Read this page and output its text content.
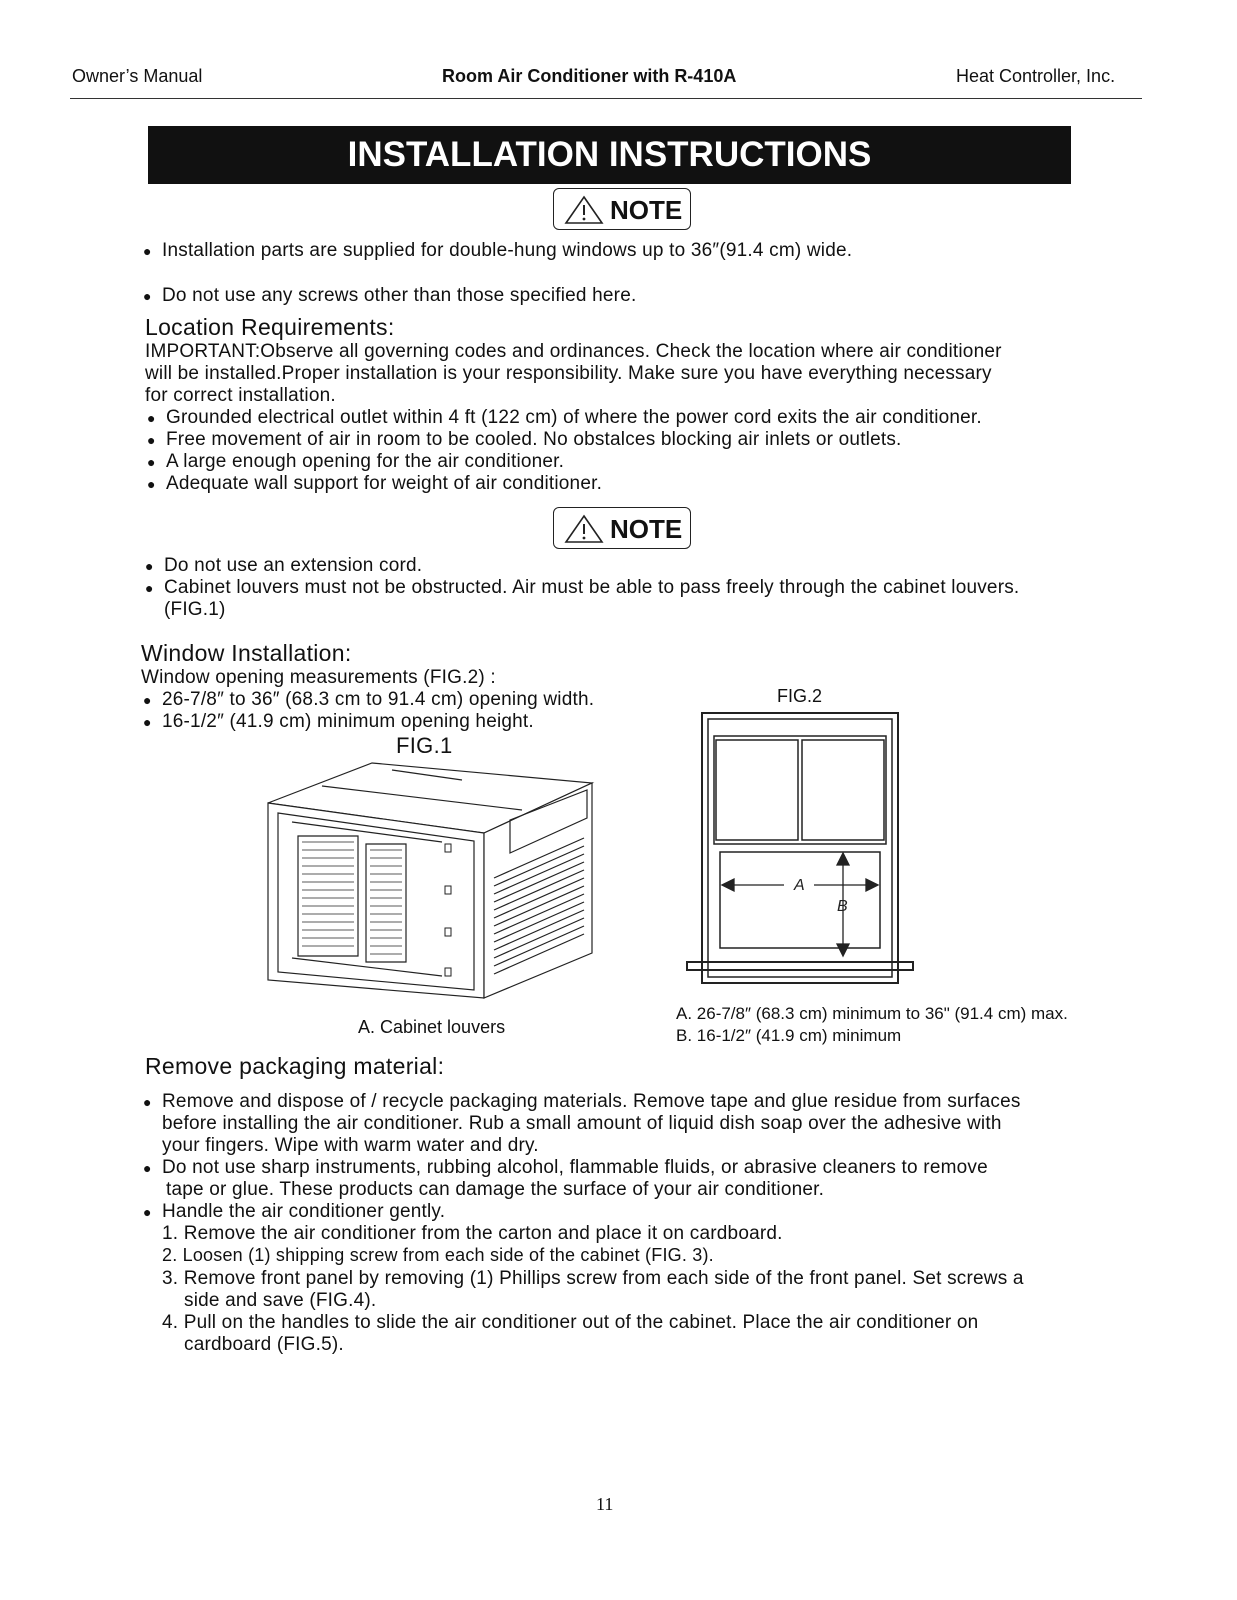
Owner’s Manual	Room Air Conditioner with R-410A	Heat Controller, Inc.
INSTALLATION INSTRUCTIONS
NOTE
● Installation parts are supplied for double-hung windows up to 36″(91.4 cm) wide.
● Do not use any screws other than those specified here.
Location Requirements:
IMPORTANT:Observe all governing codes and ordinances. Check the location where air conditioner
will be installed.Proper installation is your responsibility. Make sure you have everything necessary
for correct installation.
● Grounded electrical outlet within 4 ft (122 cm) of where the power cord exits the air conditioner.
● Free movement of air in room to be cooled. No obstalces blocking air inlets or outlets.
● A large enough opening for the air conditioner.
● Adequate wall support for weight of air conditioner.
NOTE
● Do not use an extension cord.
● Cabinet louvers must not be obstructed. Air must be able to pass freely through the cabinet louvers.
(FIG.1)
Window Installation:
Window opening measurements (FIG.2) :
● 26-7/8″ to 36″ (68.3 cm to 91.4 cm) opening width.
● 16-1/2″ (41.9 cm) minimum opening height.
FIG.1
A. Cabinet louvers
FIG.2
A
B
A. 26-7/8″ (68.3 cm) minimum to 36" (91.4 cm) max.
B. 16-1/2″ (41.9 cm) minimum
Remove packaging material:
● Remove and dispose of / recycle packaging materials. Remove tape and glue residue from surfaces
before installing the air conditioner. Rub a small amount of liquid dish soap over the adhesive with
your fingers. Wipe with warm water and dry.
● Do not use sharp instruments, rubbing alcohol, flammable fluids, or abrasive cleaners to remove
tape or glue. These products can damage the surface of your air conditioner.
● Handle the air conditioner gently.
1. Remove the air conditioner from the carton and place it on cardboard.
2. Loosen (1) shipping screw from each side of the cabinet (FIG. 3).
3. Remove front panel by removing (1) Phillips screw from each side of the front panel. Set screws a
side and save (FIG.4).
4. Pull on the handles to slide the air conditioner out of the cabinet. Place the air conditioner on
cardboard (FIG.5).
11
